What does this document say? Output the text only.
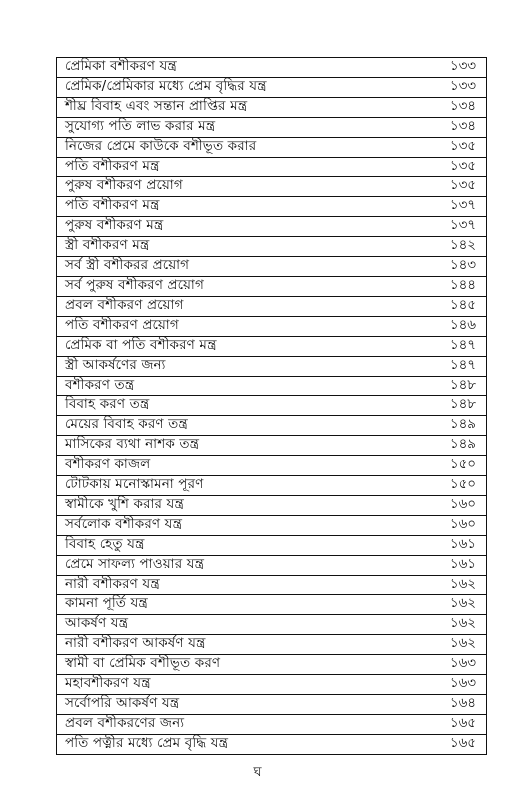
প্রেমিকা বশীকরণ যন্ত্র	১৩৩
প্রেমিক/প্রেমিকার মধ্যে প্রেম বৃদ্ধির যন্ত্র	১৩৩
শীঘ্র বিবাহ এবং সন্তান প্রাপ্তির মন্ত্র	১৩৪
সুযোগ্য পতি লাভ করার মন্ত্র	১৩৪
নিজের প্রেমে কাউকে বশীভূত করার	১৩৫
পতি বশীকরণ মন্ত্র	১৩৫
পুরুষ বশীকরণ প্রয়োগ	১৩৫
পতি বশীকরণ মন্ত্র	১৩৭
পুরুষ বশীকরণ মন্ত্র	১৩৭
স্ত্রী বশীকরণ মন্ত্র	১৪২
সর্ব স্ত্রী বশীকরর প্রয়োগ	১৪৩
সর্ব পুরুষ বশীকরণ প্রয়োগ	১৪৪
প্রবল বশীকরণ প্রয়োগ	১৪৫
পতি বশীকরণ প্রয়োগ	১৪৬
প্রেমিক বা পতি বশীকরণ মন্ত্র	১৪৭
স্ত্রী আকর্ষণের জন্য	১৪৭
বশীকরণ তন্ত্র	১৪৮
বিবাহ করণ তন্ত্র	১৪৮
মেয়ের বিবাহ করণ তন্ত্র	১৪৯
মাসিকের ব্যথা নাশক তন্ত্র	১৪৯
বশীকরণ কাজল	১৫০
টোটকায় মনোস্কামনা পূরণ	১৫০
স্বামীকে খুশি করার যন্ত্র	১৬০
সর্বলোক বশীকরণ যন্ত্র	১৬০
বিবাহ হেতু যন্ত্র	১৬১
প্রেমে সাফল্য পাওয়ার যন্ত্র	১৬১
নারী বশীকরণ যন্ত্র	১৬২
কামনা পূর্তি যন্ত্র	১৬২
আকর্ষণ যন্ত্র	১৬২
নারী বশীকরণ আকর্ষণ যন্ত্র	১৬২
স্বামী বা প্রেমিক বশীভূত করণ	১৬৩
মহাবশীকরণ যন্ত্র	১৬৩
সর্বোপরি আকর্ষণ যন্ত্র	১৬৪
প্রবল বশীকরণের জন্য	১৬৫
পতি পত্নীর মধ্যে প্রেম বৃদ্ধি যন্ত্র	১৬৫
ঘ
